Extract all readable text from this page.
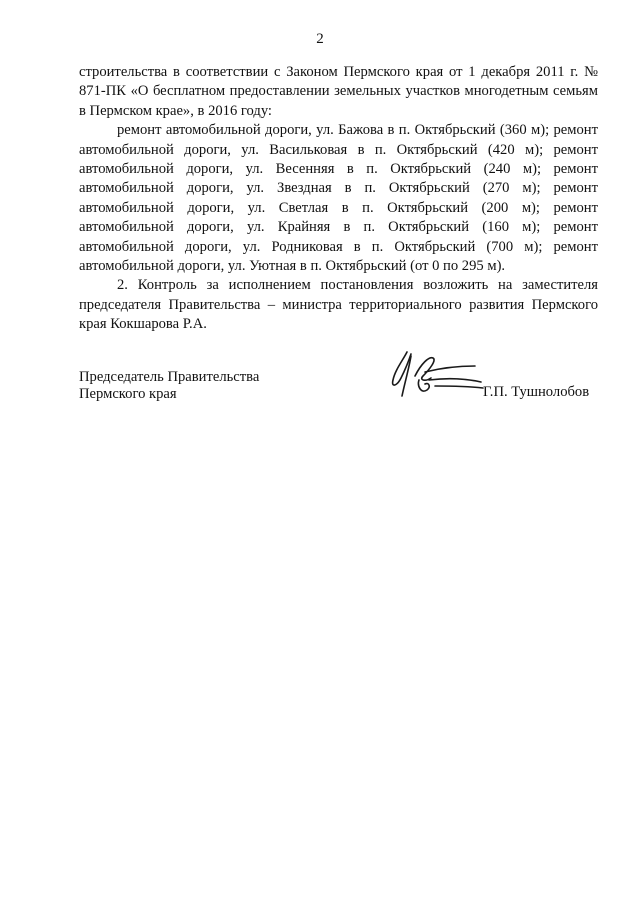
2

строительства в соответствии с Законом Пермского края от 1 декабря 2011 г. № 871-ПК «О бесплатном предоставлении земельных участков многодетным семьям в Пермском крае», в 2016 году:

ремонт автомобильной дороги, ул. Бажова в п. Октябрьский (360 м); ремонт автомобильной дороги, ул. Васильковая в п. Октябрьский (420 м); ремонт автомобильной дороги, ул. Весенняя в п. Октябрьский (240 м); ремонт автомобильной дороги, ул. Звездная в п. Октябрьский (270 м); ремонт автомобильной дороги, ул. Светлая в п. Октябрьский (200 м); ремонт автомобильной дороги, ул. Крайняя в п. Октябрьский (160 м); ремонт автомобильной дороги, ул. Родниковая в п. Октябрьский (700 м); ремонт автомобильной дороги, ул. Уютная в п. Октябрьский (от 0 по 295 м).

2. Контроль за исполнением постановления возложить на заместителя председателя Правительства – министра территориального развития Пермского края Кокшарова Р.А.

Председатель Правительства
Пермского края	Г.П. Тушнолобов
